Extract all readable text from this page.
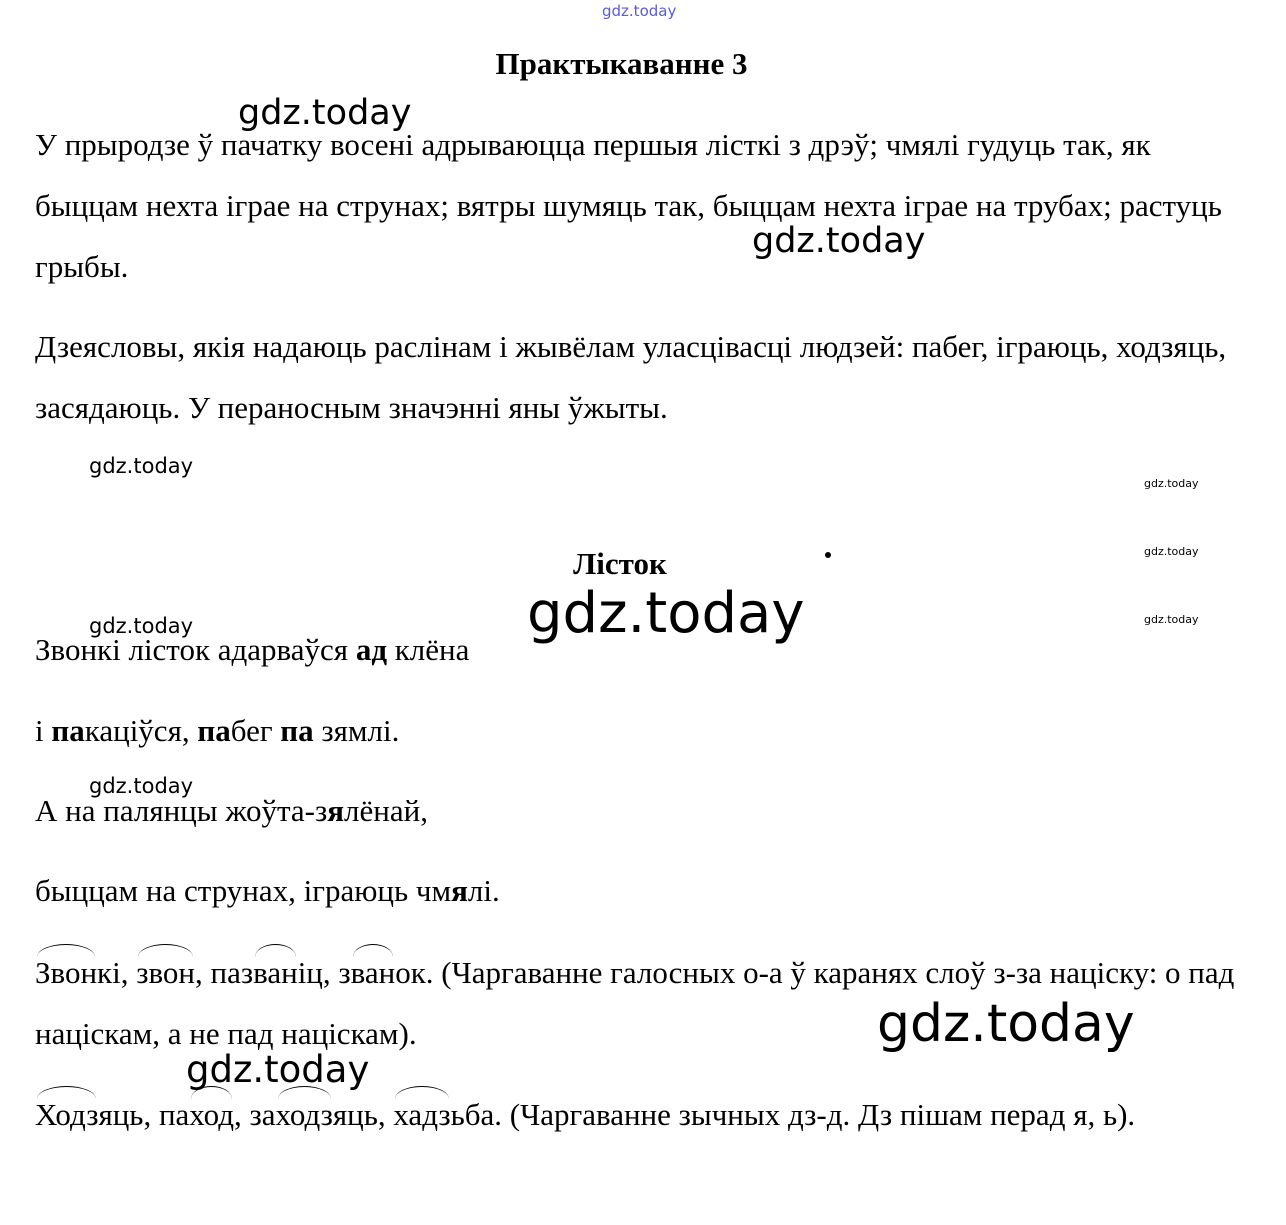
gdz.today
gdz.today
gdz.today
gdz.today
gdz.today
gdz.today
gdz.today
gdz.today
gdz.today
gdz.today
Практыкаванне 3

У прыродзе ў пачатку восені адрываюцца першыя лісткі з дрэў; чмялі гудуць так, як быццам нехта іграе на струнах; вятры шумяць так, быццам нехта іграе на трубах; растуць грыбы.

Дзеясловы, якія надаюць раслінам і жывёлам уласцівасці людзей: пабег, іграюць, ходзяць, засядаюць. У пераносным значэнні яны ўжыты.

Лісток

Звонкі лісток адарваўся ад клёна

і пакаціўся, пабег па зямлі.

А на палянцы жоўта-зялёнай,

быццам на струнах, іграюць чмялі.

Звонкі, звон, пазваніц, званок. (Чаргаванне галосных о-а ў каранях слоў з-за націску: о пад націскам, а не пад націскам).

Ходзяць, паход, заходзяць, хадзьба. (Чаргаванне зычных дз-д. Дз пішам перад я, ь).

gdz.today
gdz.today
